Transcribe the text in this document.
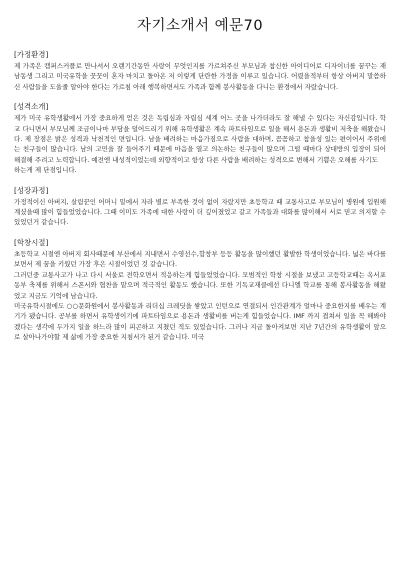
자기소개서 예문70
[가정환경]

제 가족은 캠퍼스커플로 만나셔서 오랜기간동안 사랑이 무엇인지를 가르쳐주신 부모님과 참신한 아이디어로 디자이너를 꿈꾸는 재남동생 그리고 미국유학을 꿋꿋이 혼자 마치고 돌아온 저 이렇게 단란한 가정을 이루고 있습니다. 어렸을적부터 항상 아버지 말씀하신 사람들을 도울줄 알아야 한다는 가르침 아래 행복하면서도 가족과 함께 봉사활동을 다니는 환경에서 자랐습니다.

[성격소개]

제가 미국 유학생활에서 가장 중요하게 얻은 것은 독립심과 자립심 세계 어느 곳을 나가더라도 잘 해낼 수 있다는 자신감입니다. 학교 다니면서 부모님께 조금이나마 부담을 덜어드리기 위해 유학생활은 계속 파트타임으로 일을 해서 용돈과 생활비 저축을 해왔습니다. 제 장점은 밝은 성격과 낙천적인 면입니다. 남을 배려하는 마음가짐으로 사람을 대하며, 꼼꼼하고 참을성 있는 편이어서 주위에는 친구들이 많습니다. 남의 고민을 잘 들어주기 때문에 마음을 열고 의논하는 친구들이 많으며 그럴 때마다 상대방의 입장이 되어 해결해 주려고 노력합니다. 예전엔 내성적이었는데 외향적이고 항상 다른 사람을 배려하는 성격으로 변해서 기쁨은 오해를 사기도

하는게 제 단점입니다.

[성장과정]

가정적이신 아버지, 살림꾼인 어머니 밑에서 자라 별로 부족한 것이 없이 자랐지만 초등학교 때 교통사고로 부모님이 병원에 입원해 계셨을때 많이 힘들었었습니다. 그때 이미도 가족에 대한 사랑이 더 깊어졌었고 같고 가족들과 대화를 많이해서 서로 믿고 의지할 수 있었던거 같습니다.

[학창시절]

초등학교 시절엔 아버지 회사때문에 부산에서 지내면서 수영선수,합창부 등등 활동을 많이했던 활발한 학생이었습니다. 넓은 바다를 보면서 제 꿈을 키웠던 가장 후은 시절이었던 것 같습니다.

그러던중 교통사고가 나고 다시 서울로 전학오면서 적응하는게 힘들었었습니다. 모범적인 학창 시절을 보냈고 고등학교때는 옥서포동부 축제를 위해서 스폰서와 협찬을 맡으며 적극적인 활동도 했습니다. 또한 기독교재클에선 다니엘 학교를 통해 봉사활동을 해왔었고 지금도 기억에 남습니다.

미국유학시절에도 ○○문화원에서 봉사활동과 리더십 크레딧을 쌓았고 인턴으로 연결되서 인간관계가 얼마나 중요한지를 배우는 계기가 됐습니다. 공부를 하면서 유학생이기에 파트타임으로 용돈과 생활비를 버는게 힘들었습니다. IMF 까지 겹쳐서 일을 꼭 해봐야겠다는 생각에 두가지 일을 하느라 많이 피곤하고 지쳤던 적도 있었습니다. 그러나 지금 돌아켜보면 지난 7년간의 유학생활이 앞으로 살아나가야할 제 삶에 가장 중요한 지침서가 된거 같습니다. 미국
